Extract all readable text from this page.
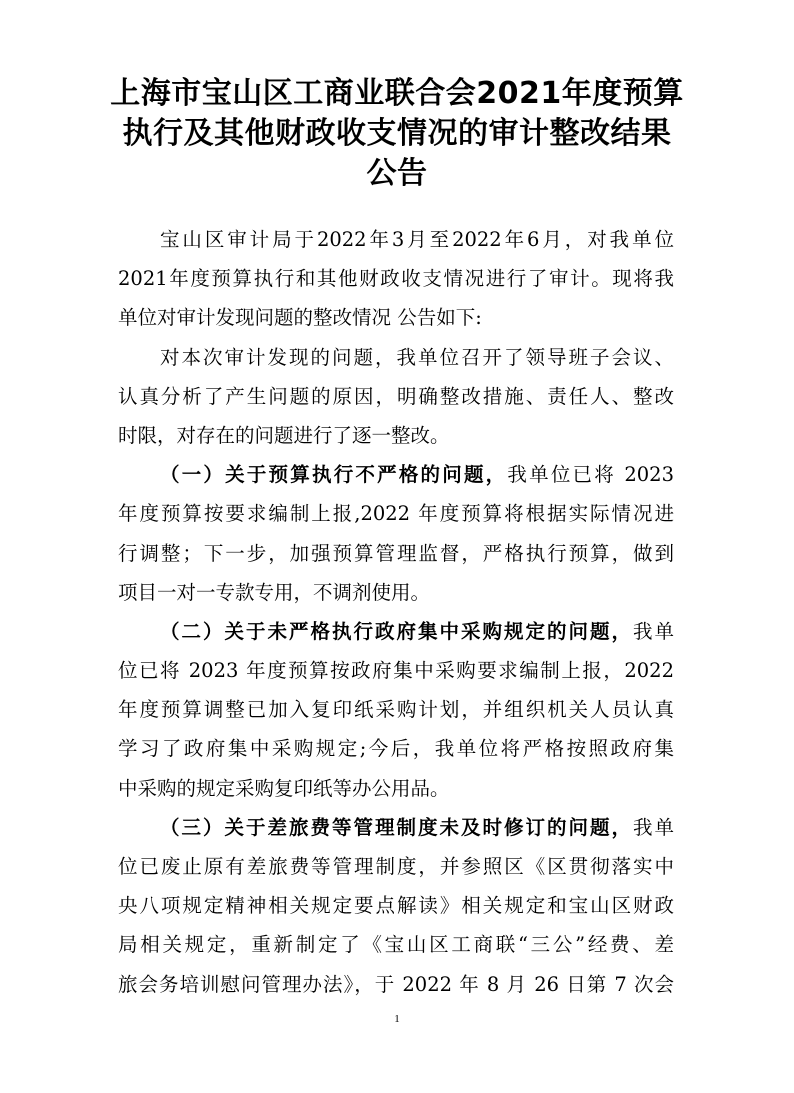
上海市宝山区工商业联合会2021年度预算
执行及其他财政收支情况的审计整改结果
公告
宝山区审计局于2022年3月至2022年6月，对我单位
2021年度预算执行和其他财政收支情况进行了审计。现将我
单位对审计发现问题的整改情况 公告如下:
对本次审计发现的问题，我单位召开了领导班子会议、
认真分析了产生问题的原因，明确整改措施、责任人、整改
时限，对存在的问题进行了逐一整改。
（一）关于预算执行不严格的问题，我单位已将 2023
年度预算按要求编制上报,2022 年度预算将根据实际情况进
行调整；下一步，加强预算管理监督，严格执行预算，做到
项目一对一专款专用，不调剂使用。
（二）关于未严格执行政府集中采购规定的问题，我单
位已将 2023 年度预算按政府集中采购要求编制上报，2022
年度预算调整已加入复印纸采购计划，并组织机关人员认真
学习了政府集中采购规定;今后，我单位将严格按照政府集
中采购的规定采购复印纸等办公用品。
（三）关于差旅费等管理制度未及时修订的问题，我单
位已废止原有差旅费等管理制度，并参照区《区贯彻落实中
央八项规定精神相关规定要点解读》相关规定和宝山区财政
局相关规定，重新制定了《宝山区工商联“三公”经费、差
旅会务培训慰问管理办法》，于 2022 年 8 月 26 日第 7 次会
1
